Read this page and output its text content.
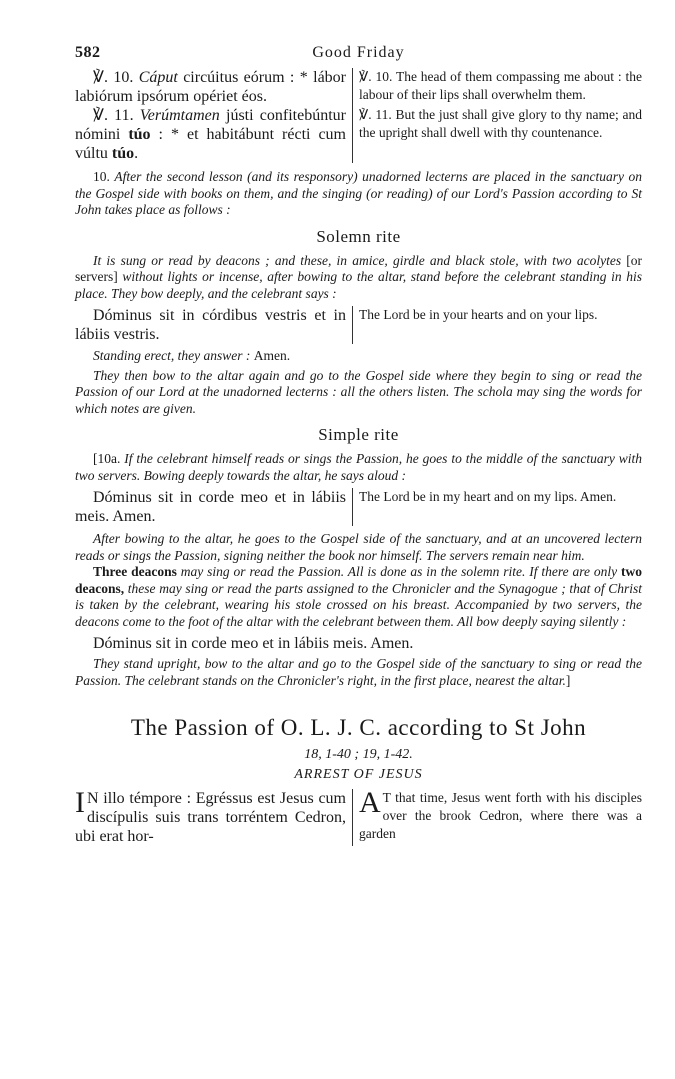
582	Good Friday
℣. 10. Cáput circúitus eórum : * lábor labiórum ipsórum opériet éos.
℣. 10. The head of them compassing me about : the labour of their lips shall overwhelm them.
℣. 11. Verúmtamen jústi confitebúntur nómini túo : * et habitábunt récti cum vúltu túo.
℣. 11. But the just shall give glory to thy name; and the upright shall dwell with thy countenance.

10. After the second lesson (and its responsory) unadorned lecterns are placed in the sanctuary on the Gospel side with books on them, and the singing (or reading) of our Lord's Passion according to St John takes place as follows :

Solemn rite

It is sung or read by deacons ; and these, in amice, girdle and black stole, with two acolytes [or servers] without lights or incense, after bowing to the altar, stand before the celebrant standing in his place. They bow deeply, and the celebrant says :

Dóminus sit in córdibus vestris et in lábiis vestris.
The Lord be in your hearts and on your lips.

Standing erect, they answer : Amen.

They then bow to the altar again and go to the Gospel side where they begin to sing or read the Passion of our Lord at the unadorned lecterns : all the others listen. The schola may sing the words for which notes are given.

Simple rite

[10a. If the celebrant himself reads or sings the Passion, he goes to the middle of the sanctuary with two servers. Bowing deeply towards the altar, he says aloud :

Dóminus sit in corde meo et in lábiis meis. Amen.
The Lord be in my heart and on my lips. Amen.

After bowing to the altar, he goes to the Gospel side of the sanctuary, and at an uncovered lectern reads or sings the Passion, signing neither the book nor himself. The servers remain near him.

Three deacons may sing or read the Passion. All is done as in the solemn rite. If there are only two deacons, these may sing or read the parts assigned to the Chronicler and the Synagogue ; that of Christ is taken by the celebrant, wearing his stole crossed on his breast. Accompanied by two servers, the deacons come to the foot of the altar with the celebrant between them. All bow deeply saying silently :

Dóminus sit in corde meo et in lábiis meis. Amen.

They stand upright, bow to the altar and go to the Gospel side of the sanctuary to sing or read the Passion. The celebrant stands on the Chronicler's right, in the first place, nearest the altar.]

The Passion of O. L. J. C. according to St John
18, 1-40 ; 19, 1-42.
ARREST OF JESUS
I N illo témpore : Egréssus est Jesus cum discípulis suis trans torréntem Cedron, ubi erat hor-
A T that time, Jesus went forth with his disciples over the brook Cedron, where there was a garden
